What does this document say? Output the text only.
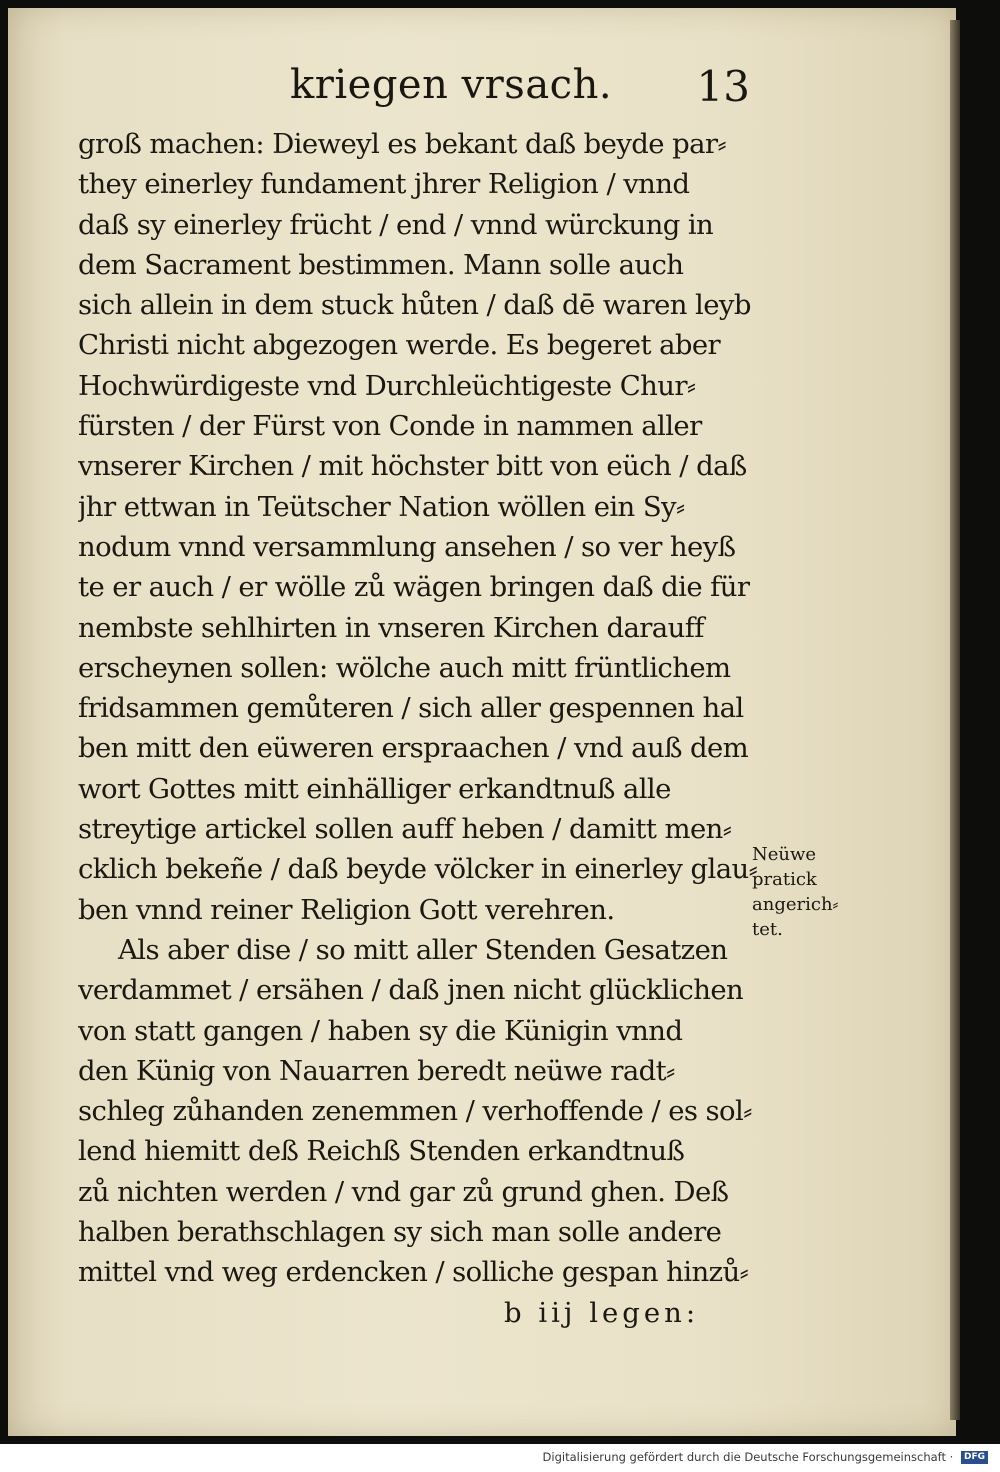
kriegen vrsach. 13
groß machen: Dieweyl es bekant daß beyde par⸗
they einerley fundament jhrer Religion / vnnd
daß sy einerley frücht / end / vnnd würckung in
dem Sacrament bestimmen. Mann solle auch
sich allein in dem stuck hůten / daß dē waren leyb
Christi nicht abgezogen werde. Es begeret aber
Hochwürdigeste vnd Durchleüchtigeste Chur⸗
fürsten / der Fürst von Conde in nammen aller
vnserer Kirchen / mit höchster bitt von eüch / daß
jhr ettwan in Teütscher Nation wöllen ein Sy⸗
nodum vnnd versammlung ansehen / so ver heyß
te er auch / er wölle zů wägen bringen daß die für
nembste sehlhirten in vnseren Kirchen darauff
erscheynen sollen: wölche auch mitt früntlichem
fridsammen gemůteren / sich aller gespennen hal
ben mitt den eüweren erspraachen / vnd auß dem
wort Gottes mitt einhälliger erkandtnuß alle
streytige artickel sollen auff heben / damitt men⸗
cklich bekeñe / daß beyde völcker in einerley glau⸗
ben vnnd reiner Religion Gott verehren.
Als aber dise / so mitt aller Stenden Gesatzen
verdammet / ersähen / daß jnen nicht glücklichen
von statt gangen / haben sy die Künigin vnnd
den Künig von Nauarren beredt neüwe radt⸗
schleg zůhanden zenemmen / verhoffende / es sol⸗
lend hiemitt deß Reichß Stenden erkandtnuß
zů nichten werden / vnd gar zů grund ghen. Deß
halben berathschlagen sy sich man solle andere
mittel vnd weg erdencken / solliche gespan hinzů⸗
b iij legen:
Neüwe
pratick
angerich⸗
tet.
Digitalisierung gefördert durch die Deutsche Forschungsgemeinschaft · DFG
